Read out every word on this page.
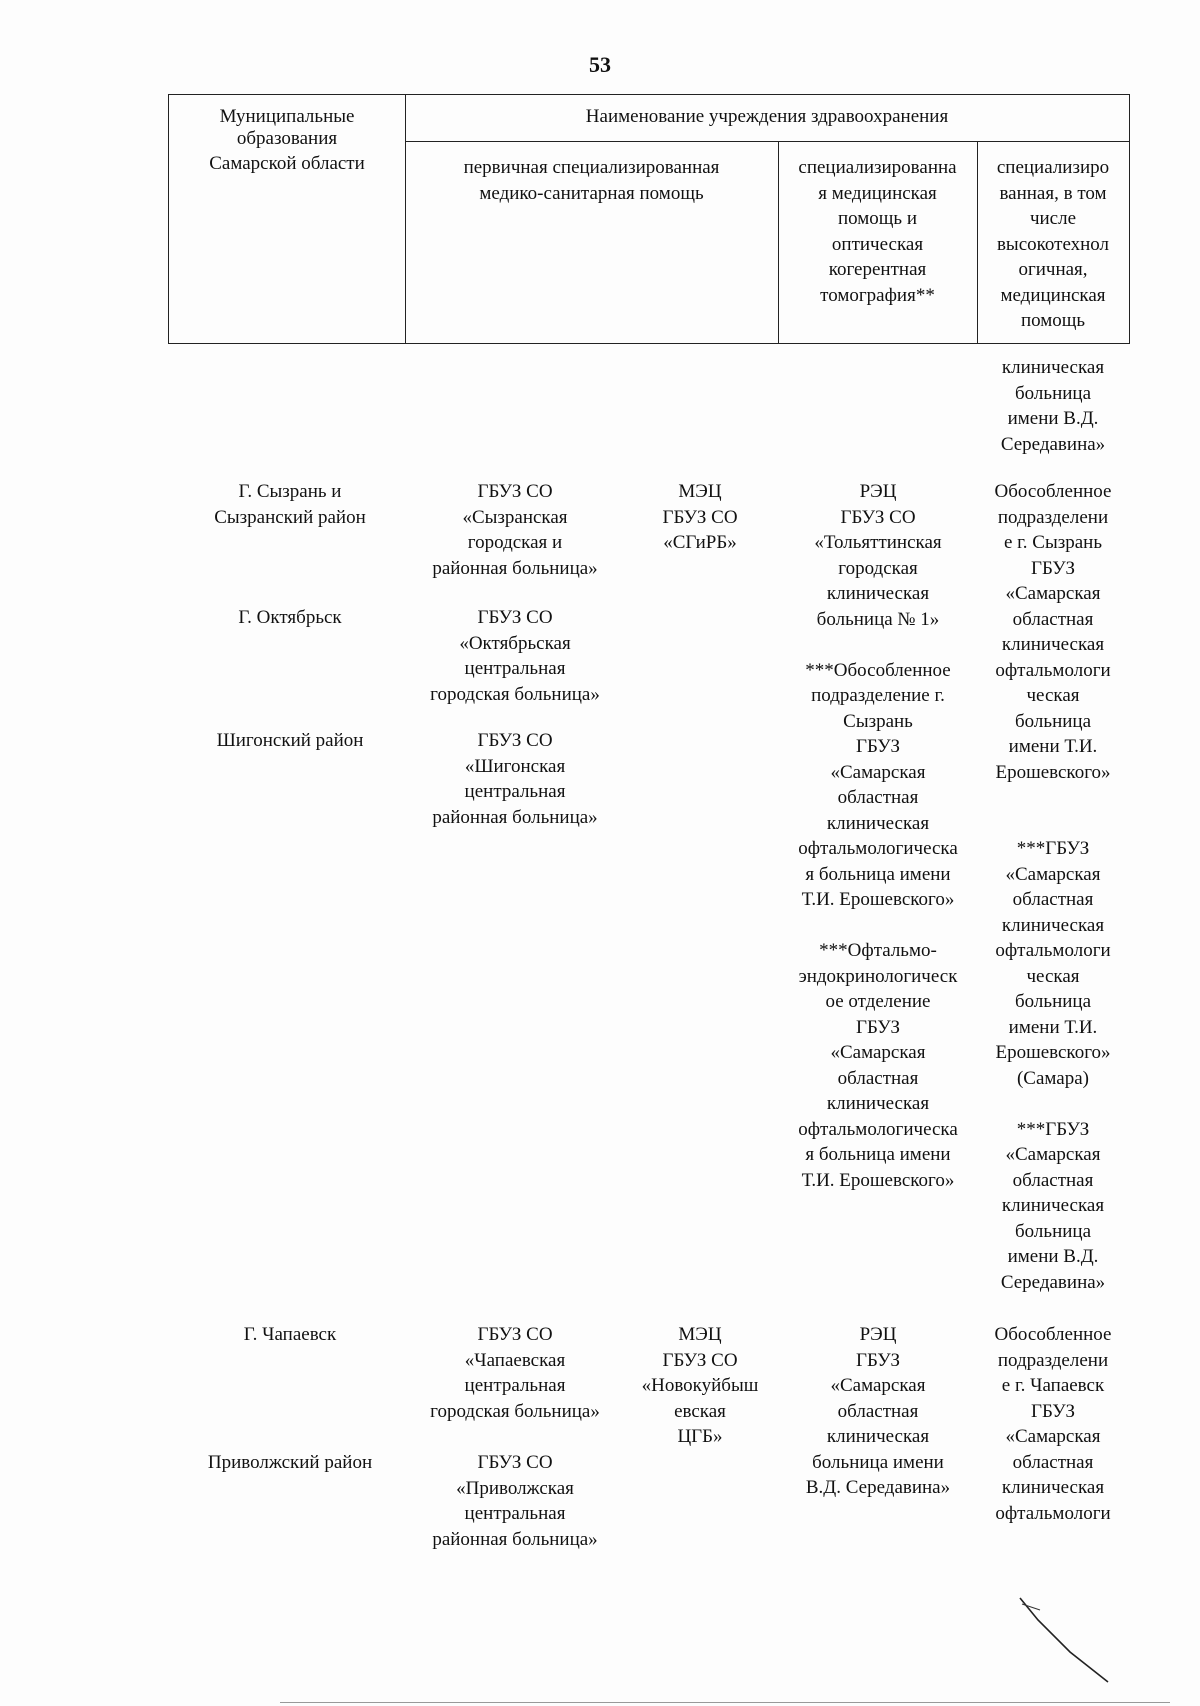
53
Муниципальные
образования
Самарской области
Наименование учреждения здравоохранения
первичная специализированная
медико-санитарная помощь
специализированна
я медицинская
помощь и
оптическая
когерентная
томография**
специализиро
ванная, в том
числе
высокотехнол
огичная,
медицинская
помощь
клиническая
больница
имени В.Д.
Середавина»
Г. Сызрань и
Сызранский район
Г. Октябрьск
Шигонский район
ГБУЗ СО
«Сызранская
городская и
районная больница»
ГБУЗ СО
«Октябрьская
центральная
городская больница»
ГБУЗ СО
«Шигонская
центральная
районная больница»
МЭЦ
ГБУЗ СО
«СГиРБ»
РЭЦ
ГБУЗ СО
«Тольяттинская
городская
клиническая
больница № 1»
***Обособленное
подразделение г.
Сызрань
ГБУЗ
«Самарская
областная
клиническая
офтальмологическа
я больница имени
Т.И. Ерошевского»
***Офтальмо-
эндокринологическ
ое отделение
ГБУЗ
«Самарская
областная
клиническая
офтальмологическа
я больница имени
Т.И. Ерошевского»
Обособленное
подразделени
е г. Сызрань
ГБУЗ
«Самарская
областная
клиническая
офтальмологи
ческая
больница
имени Т.И.
Ерошевского»
***ГБУЗ
«Самарская
областная
клиническая
офтальмологи
ческая
больница
имени Т.И.
Ерошевского»
(Самара)
***ГБУЗ
«Самарская
областная
клиническая
больница
имени В.Д.
Середавина»
Г. Чапаевск
Приволжский район
ГБУЗ СО
«Чапаевская
центральная
городская больница»
ГБУЗ СО
«Приволжская
центральная
районная больница»
МЭЦ
ГБУЗ СО
«Новокуйбыш
евская
ЦГБ»
РЭЦ
ГБУЗ
«Самарская
областная
клиническая
больница имени
В.Д. Середавина»
Обособленное
подразделени
е г. Чапаевск
ГБУЗ
«Самарская
областная
клиническая
офтальмологи
